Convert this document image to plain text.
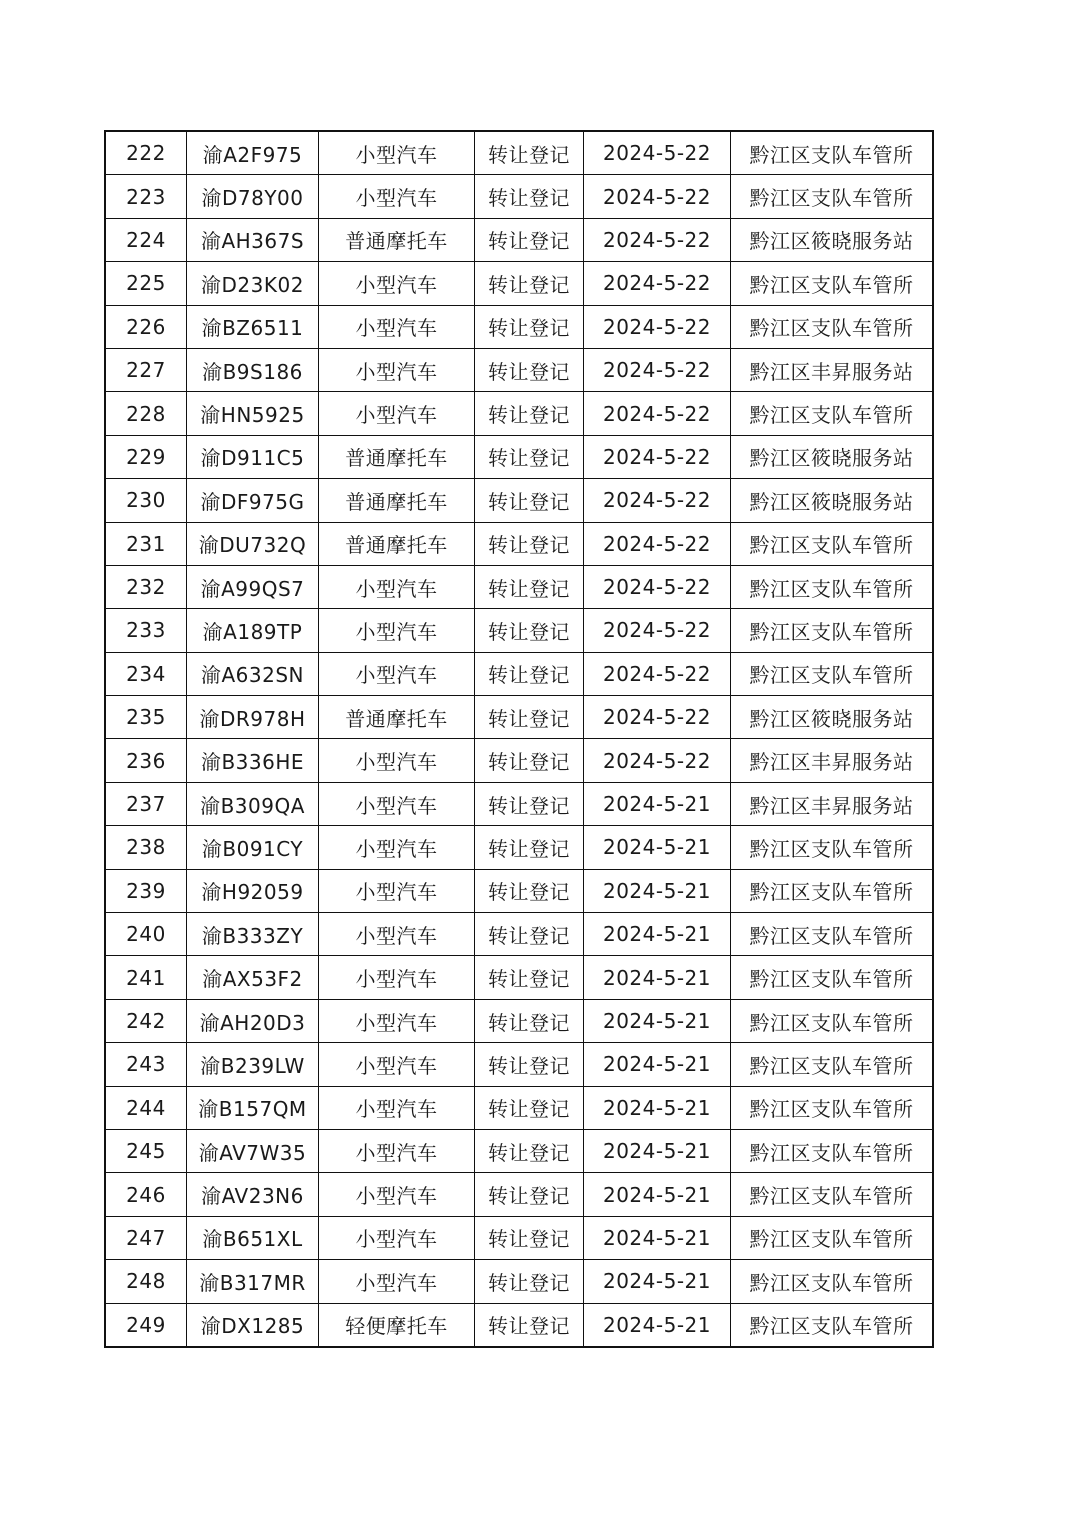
222	渝A2F975	小型汽车	转让登记	2024-5-22	黔江区支队车管所
223	渝D78Y00	小型汽车	转让登记	2024-5-22	黔江区支队车管所
224	渝AH367S	普通摩托车	转让登记	2024-5-22	黔江区筱晓服务站
225	渝D23K02	小型汽车	转让登记	2024-5-22	黔江区支队车管所
226	渝BZ6511	小型汽车	转让登记	2024-5-22	黔江区支队车管所
227	渝B9S186	小型汽车	转让登记	2024-5-22	黔江区丰昇服务站
228	渝HN5925	小型汽车	转让登记	2024-5-22	黔江区支队车管所
229	渝D911C5	普通摩托车	转让登记	2024-5-22	黔江区筱晓服务站
230	渝DF975G	普通摩托车	转让登记	2024-5-22	黔江区筱晓服务站
231	渝DU732Q	普通摩托车	转让登记	2024-5-22	黔江区支队车管所
232	渝A99QS7	小型汽车	转让登记	2024-5-22	黔江区支队车管所
233	渝A189TP	小型汽车	转让登记	2024-5-22	黔江区支队车管所
234	渝A632SN	小型汽车	转让登记	2024-5-22	黔江区支队车管所
235	渝DR978H	普通摩托车	转让登记	2024-5-22	黔江区筱晓服务站
236	渝B336HE	小型汽车	转让登记	2024-5-22	黔江区丰昇服务站
237	渝B309QA	小型汽车	转让登记	2024-5-21	黔江区丰昇服务站
238	渝B091CY	小型汽车	转让登记	2024-5-21	黔江区支队车管所
239	渝H92059	小型汽车	转让登记	2024-5-21	黔江区支队车管所
240	渝B333ZY	小型汽车	转让登记	2024-5-21	黔江区支队车管所
241	渝AX53F2	小型汽车	转让登记	2024-5-21	黔江区支队车管所
242	渝AH20D3	小型汽车	转让登记	2024-5-21	黔江区支队车管所
243	渝B239LW	小型汽车	转让登记	2024-5-21	黔江区支队车管所
244	渝B157QM	小型汽车	转让登记	2024-5-21	黔江区支队车管所
245	渝AV7W35	小型汽车	转让登记	2024-5-21	黔江区支队车管所
246	渝AV23N6	小型汽车	转让登记	2024-5-21	黔江区支队车管所
247	渝B651XL	小型汽车	转让登记	2024-5-21	黔江区支队车管所
248	渝B317MR	小型汽车	转让登记	2024-5-21	黔江区支队车管所
249	渝DX1285	轻便摩托车	转让登记	2024-5-21	黔江区支队车管所
